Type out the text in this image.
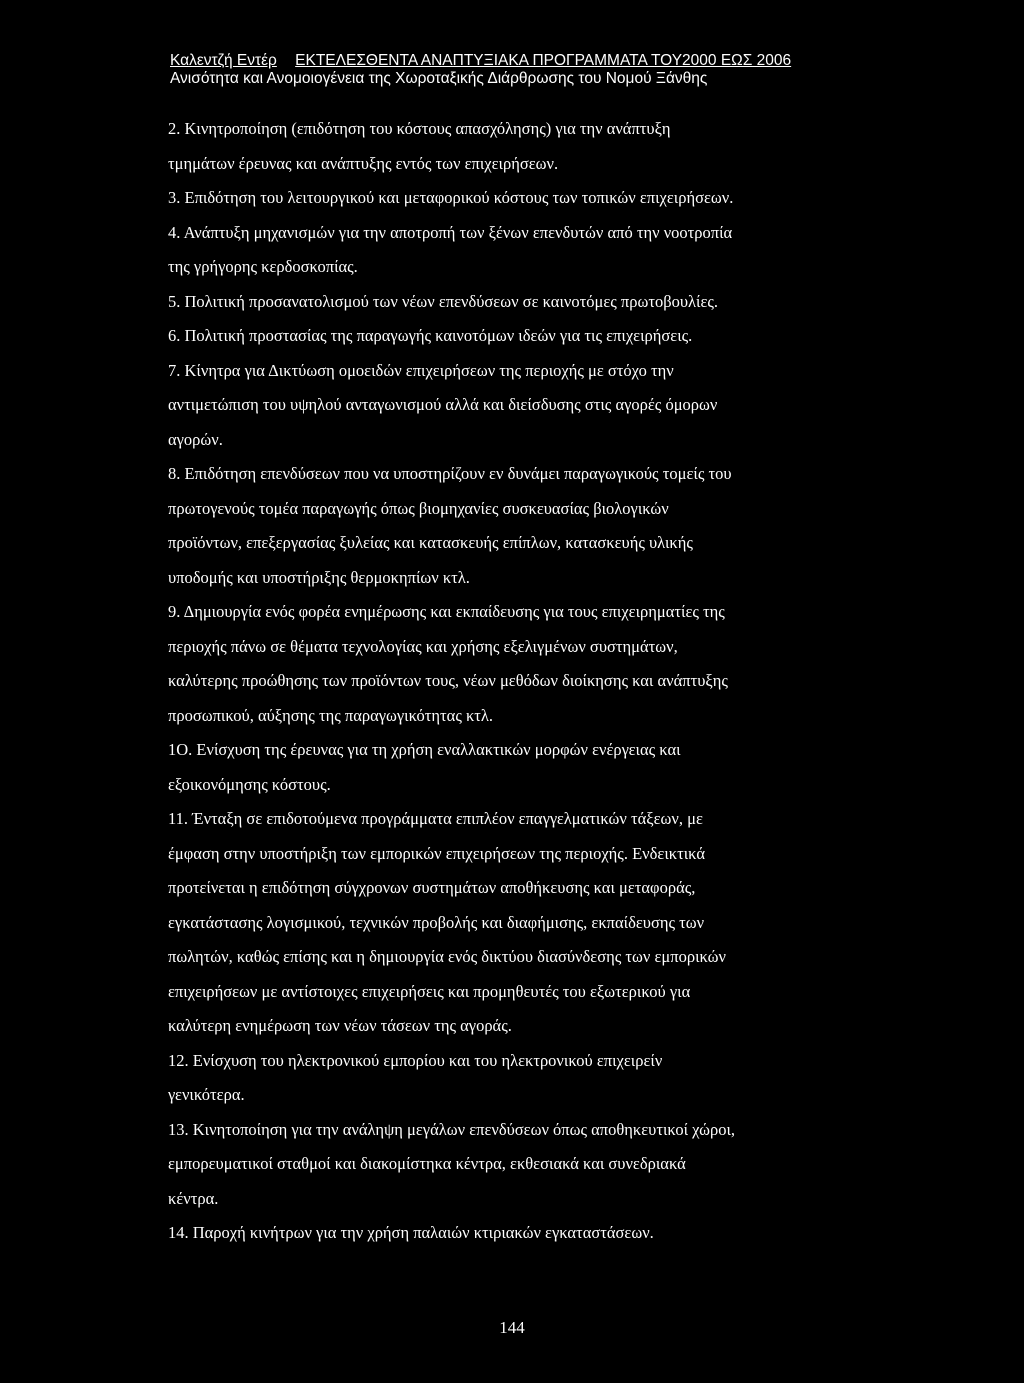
Καλεντζή Εντέρ ΕΚΤΕΛΕΣΘΕΝΤΑ ΑΝΑΠΤΥΞΙΑΚΑ ΠΡΟΓΡΑΜΜΑΤΑ ΤΟΥ2000 ΕΩΣ 2006
Ανισότητα και Ανομοιογένεια της Χωροταξικής Διάρθρωσης του Νομού Ξάνθης
2. Κινητροποίηση (επιδότηση του κόστους απασχόλησης) για την ανάπτυξη
τμημάτων έρευνας και ανάπτυξης εντός των επιχειρήσεων.
3. Επιδότηση του λειτουργικού και μεταφορικού κόστους των τοπικών επιχειρήσεων.
4. Ανάπτυξη μηχανισμών για την αποτροπή των ξένων επενδυτών από την νοοτροπία
της γρήγορης κερδοσκοπίας.
5. Πολιτική προσανατολισμού των νέων επενδύσεων σε καινοτόμες πρωτοβουλίες.
6. Πολιτική προστασίας της παραγωγής καινοτόμων ιδεών για τις επιχειρήσεις.
7. Κίνητρα για Δικτύωση ομοειδών επιχειρήσεων της περιοχής με στόχο την
αντιμετώπιση του υψηλού ανταγωνισμού αλλά και διείσδυσης στις αγορές όμορων
αγορών.
8. Επιδότηση επενδύσεων που να υποστηρίζουν εν δυνάμει παραγωγικούς τομείς του
πρωτογενούς τομέα παραγωγής όπως βιομηχανίες συσκευασίας βιολογικών
προϊόντων, επεξεργασίας ξυλείας και κατασκευής επίπλων, κατασκευής υλικής
υποδομής και υποστήριξης θερμοκηπίων κτλ.
9. Δημιουργία ενός φορέα ενημέρωσης και εκπαίδευσης για τους επιχειρηματίες της
περιοχής πάνω σε θέματα τεχνολογίας και χρήσης εξελιγμένων συστημάτων,
καλύτερης προώθησης των προϊόντων τους, νέων μεθόδων διοίκησης και ανάπτυξης
προσωπικού, αύξησης της παραγωγικότητας κτλ.
1Ο. Ενίσχυση της έρευνας για τη χρήση εναλλακτικών μορφών ενέργειας και
εξοικονόμησης κόστους.
11. Ένταξη σε επιδοτούμενα προγράμματα επιπλέον επαγγελματικών τάξεων, με
έμφαση στην υποστήριξη των εμπορικών επιχειρήσεων της περιοχής. Ενδεικτικά
προτείνεται η επιδότηση σύγχρονων συστημάτων αποθήκευσης και μεταφοράς,
εγκατάστασης λογισμικού, τεχνικών προβολής και διαφήμισης, εκπαίδευσης των
πωλητών, καθώς επίσης και η δημιουργία ενός δικτύου διασύνδεσης των εμπορικών
επιχειρήσεων με αντίστοιχες επιχειρήσεις και προμηθευτές του εξωτερικού για
καλύτερη ενημέρωση των νέων τάσεων της αγοράς.
12. Ενίσχυση του ηλεκτρονικού εμπορίου και του ηλεκτρονικού επιχειρείν
γενικότερα.
13. Κινητοποίηση για την ανάληψη μεγάλων επενδύσεων όπως αποθηκευτικοί χώροι,
εμπορευματικοί σταθμοί και διακομίστηκα κέντρα, εκθεσιακά και συνεδριακά
κέντρα.
14. Παροχή κινήτρων για την χρήση παλαιών κτιριακών εγκαταστάσεων.
144
